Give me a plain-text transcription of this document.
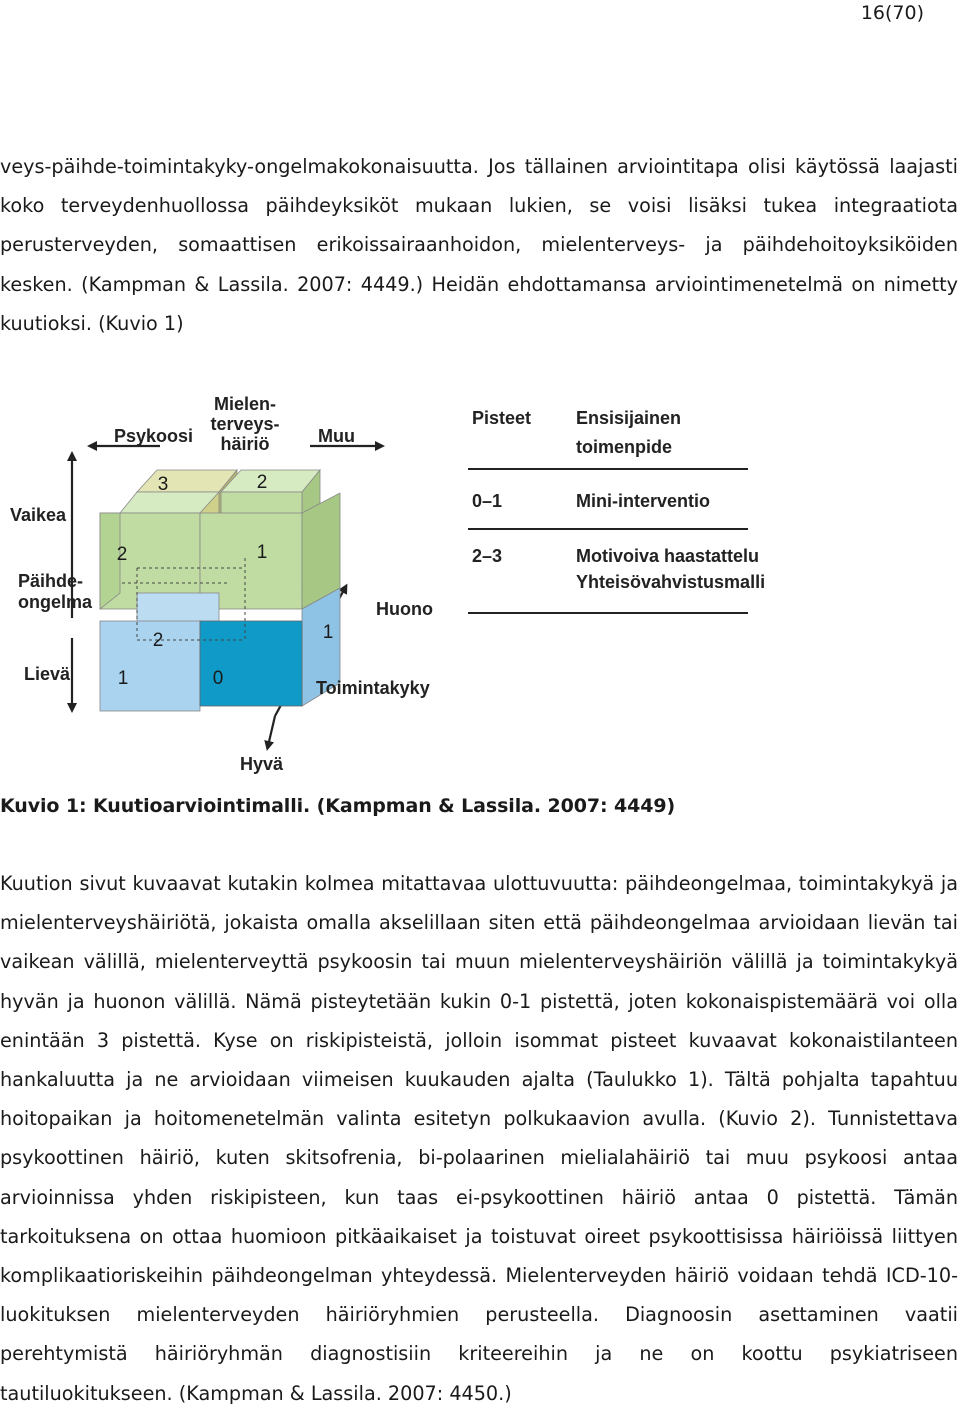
16(70)

veys-päihde-toimintakyky-ongelmakokonaisuutta. Jos tällainen arviointitapa olisi käytössä laajasti koko terveydenhuollossa päihdeyksiköt mukaan lukien, se voisi lisäksi tukea integraatiota perusterveyden, somaattisen erikoissairaanhoidon, mielenterveys- ja päihdehoitoyksiköiden kesken. (Kampman & Lassila. 2007: 4449.) Heidän ehdottamansa arviointimenetelmä on nimetty kuutioksi. (Kuvio 1)

3	2
2	1
2	1
1	0
Psykoosi
Mielen-
terveys-
häiriö	Muu
Vaikea
Päihde-
ongelma
Lievä
Huono
Toimintakyky
Hyvä
Pisteet Ensisijainen
toimenpide
0–1	Mini-interventio
2–3	Motivoiva haastattelu
Yhteisövahvistusmalli

Kuvio 1: Kuutioarviointimalli. (Kampman & Lassila. 2007: 4449)

Kuution sivut kuvaavat kutakin kolmea mitattavaa ulottuvuutta: päihdeongelmaa, toimintakykyä ja mielenterveyshäiriötä, jokaista omalla akselillaan siten että päihdeongelmaa arvioidaan lievän tai vaikean välillä, mielenterveyttä psykoosin tai muun mielenterveyshäiriön välillä ja toimintakykyä hyvän ja huonon välillä. Nämä pisteytetään kukin 0-1 pistettä, joten kokonaispistemäärä voi olla enintään 3 pistettä. Kyse on riskipisteistä, jolloin isommat pisteet kuvaavat kokonaistilanteen hankaluutta ja ne arvioidaan viimeisen kuukauden ajalta (Taulukko 1). Tältä pohjalta tapahtuu hoitopaikan ja hoitomenetelmän valinta esitetyn polkukaavion avulla. (Kuvio 2). Tunnistettava psykoottinen häiriö, kuten skitsofrenia, bi-polaarinen mielialahäiriö tai muu psykoosi antaa arvioinnissa yhden riskipisteen, kun taas ei-psykoottinen häiriö antaa 0 pistettä. Tämän tarkoituksena on ottaa huomioon pitkäaikaiset ja toistuvat oireet psykoottisissa häiriöissä liittyen komplikaatioriskeihin päihdeongelman yhteydessä. Mielenterveyden häiriö voidaan tehdä ICD-10-luokituksen mielenterveyden häiriöryhmien perusteella. Diagnoosin asettaminen vaatii perehtymistä häiriöryhmän diagnostisiin kriteereihin ja ne on koottu psykiatriseen tautiluokitukseen. (Kampman & Lassila. 2007: 4450.)
